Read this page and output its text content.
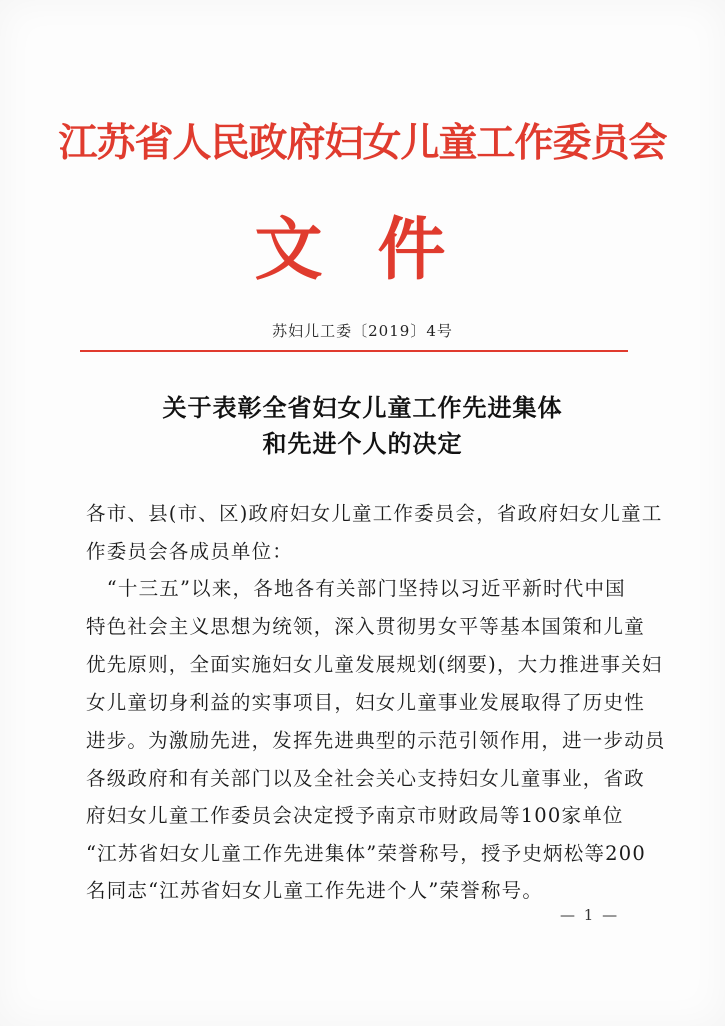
江苏省人民政府妇女儿童工作委员会
文件
苏妇儿工委〔2019〕4号
关于表彰全省妇女儿童工作先进集体
和先进个人的决定
各市、县(市、区)政府妇女儿童工作委员会，省政府妇女儿童工
作委员会各成员单位：
　“十三五”以来，各地各有关部门坚持以习近平新时代中国
特色社会主义思想为统领，深入贯彻男女平等基本国策和儿童
优先原则，全面实施妇女儿童发展规划(纲要)，大力推进事关妇
女儿童切身利益的实事项目，妇女儿童事业发展取得了历史性
进步。为激励先进，发挥先进典型的示范引领作用，进一步动员
各级政府和有关部门以及全社会关心支持妇女儿童事业，省政
府妇女儿童工作委员会决定授予南京市财政局等100家单位
“江苏省妇女儿童工作先进集体”荣誉称号，授予史炳松等200
名同志“江苏省妇女儿童工作先进个人”荣誉称号。
— 1 —
